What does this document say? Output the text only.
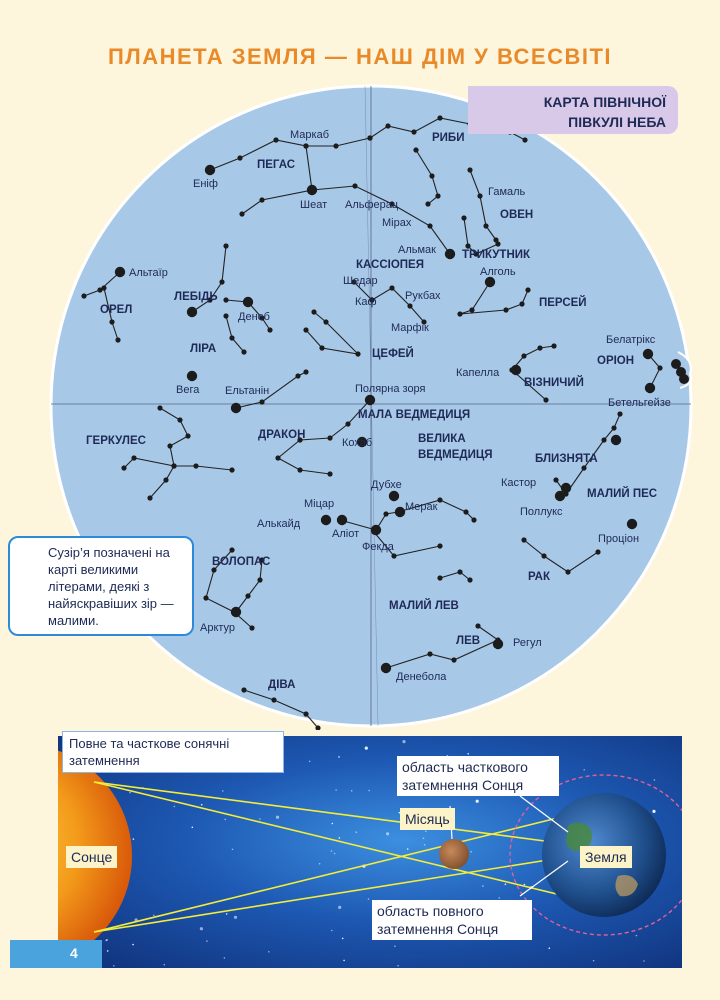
ПЛАНЕТА ЗЕМЛЯ — НАШ ДІМ У ВСЕСВІТІ
ПЕГАС
РИБИ
ОВЕН
ТРИКУТНИК
КАССІОПЕЯ
ПЕРСЕЙ
ОРЕЛ
ЛЕБІДЬ
ЛІРА	ЦЕФЕЙ
ОРІОН
ВІЗНИЧИЙ
МАЛА ВЕДМЕДИЦЯ
ДРАКОН
ГЕРКУЛЕС	ВЕЛИКА
ВЕДМЕДИЦЯ	БЛИЗНЯТА
МАЛИЙ ПЕС
ВОЛОПАС
РАК
МАЛИЙ ЛЕВ
ЛЕВ
ДІВА
Маркаб
Еніф
Шеат Альферац
Мірах
Гамаль
Альмак
Альтаїр
Шедар
Каф	Рукбах
Алголь
Денеб
Марфік
Белатрікс
Капелла
Вега Ельтанін	Полярна зоря
Бетельгейзе
Кохаб
Дубхе	Кастор
Мерак
Міцар
Поллукс
Алькайд
Аліот
Фекда
Проціон
Арктур
Регул
Денебола
КАРТА ПІВНІЧНОЇ
ПІВКУЛІ НЕБА
Сузір’я позначені на карті великими літерами, деякі з найяскравіших зір — малими.
Повне та часткове сонячні затемнення
Сонце
Місяць
Земля
область часткового затемнення Сонця
область повного затемнення Сонця
4
